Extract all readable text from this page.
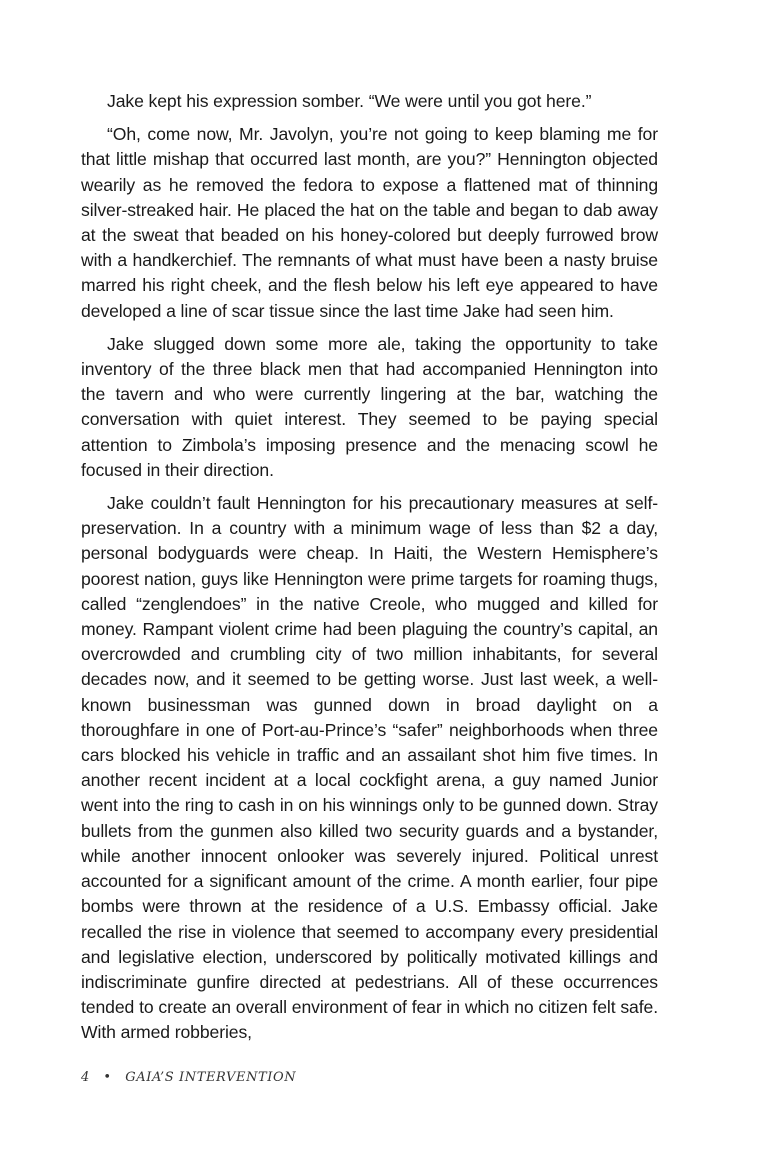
Jake kept his expression somber. “We were until you got here.”

“Oh, come now, Mr. Javolyn, you’re not going to keep blaming me for that little mishap that occurred last month, are you?” Hennington objected wearily as he removed the fedora to expose a flattened mat of thinning silver-streaked hair. He placed the hat on the table and began to dab away at the sweat that beaded on his honey-colored but deeply furrowed brow with a handkerchief. The remnants of what must have been a nasty bruise marred his right cheek, and the flesh below his left eye appeared to have developed a line of scar tissue since the last time Jake had seen him.

Jake slugged down some more ale, taking the opportunity to take inventory of the three black men that had accompanied Hennington into the tavern and who were currently lingering at the bar, watching the conversation with quiet interest. They seemed to be paying special attention to Zimbola’s imposing presence and the menacing scowl he focused in their direction.

Jake couldn’t fault Hennington for his precautionary measures at self-preservation. In a country with a minimum wage of less than $2 a day, personal bodyguards were cheap. In Haiti, the Western Hemisphere’s poorest nation, guys like Hennington were prime targets for roaming thugs, called “zenglendoes” in the native Creole, who mugged and killed for money. Rampant violent crime had been plaguing the country’s capital, an overcrowded and crumbling city of two million inhabitants, for several decades now, and it seemed to be getting worse. Just last week, a well-known businessman was gunned down in broad daylight on a thoroughfare in one of Port-au-Prince’s “safer” neighborhoods when three cars blocked his vehicle in traffic and an assailant shot him five times. In another recent incident at a local cockfight arena, a guy named Junior went into the ring to cash in on his winnings only to be gunned down. Stray bullets from the gunmen also killed two security guards and a bystander, while another innocent onlooker was severely injured. Political unrest accounted for a significant amount of the crime. A month earlier, four pipe bombs were thrown at the residence of a U.S. Embassy official. Jake recalled the rise in violence that seemed to accompany every presidential and legislative election, underscored by politically motivated killings and indiscriminate gunfire directed at pedestrians. All of these occurrences tended to create an overall environment of fear in which no citizen felt safe. With armed robberies,

4 • GAIA’S INTERVENTION
